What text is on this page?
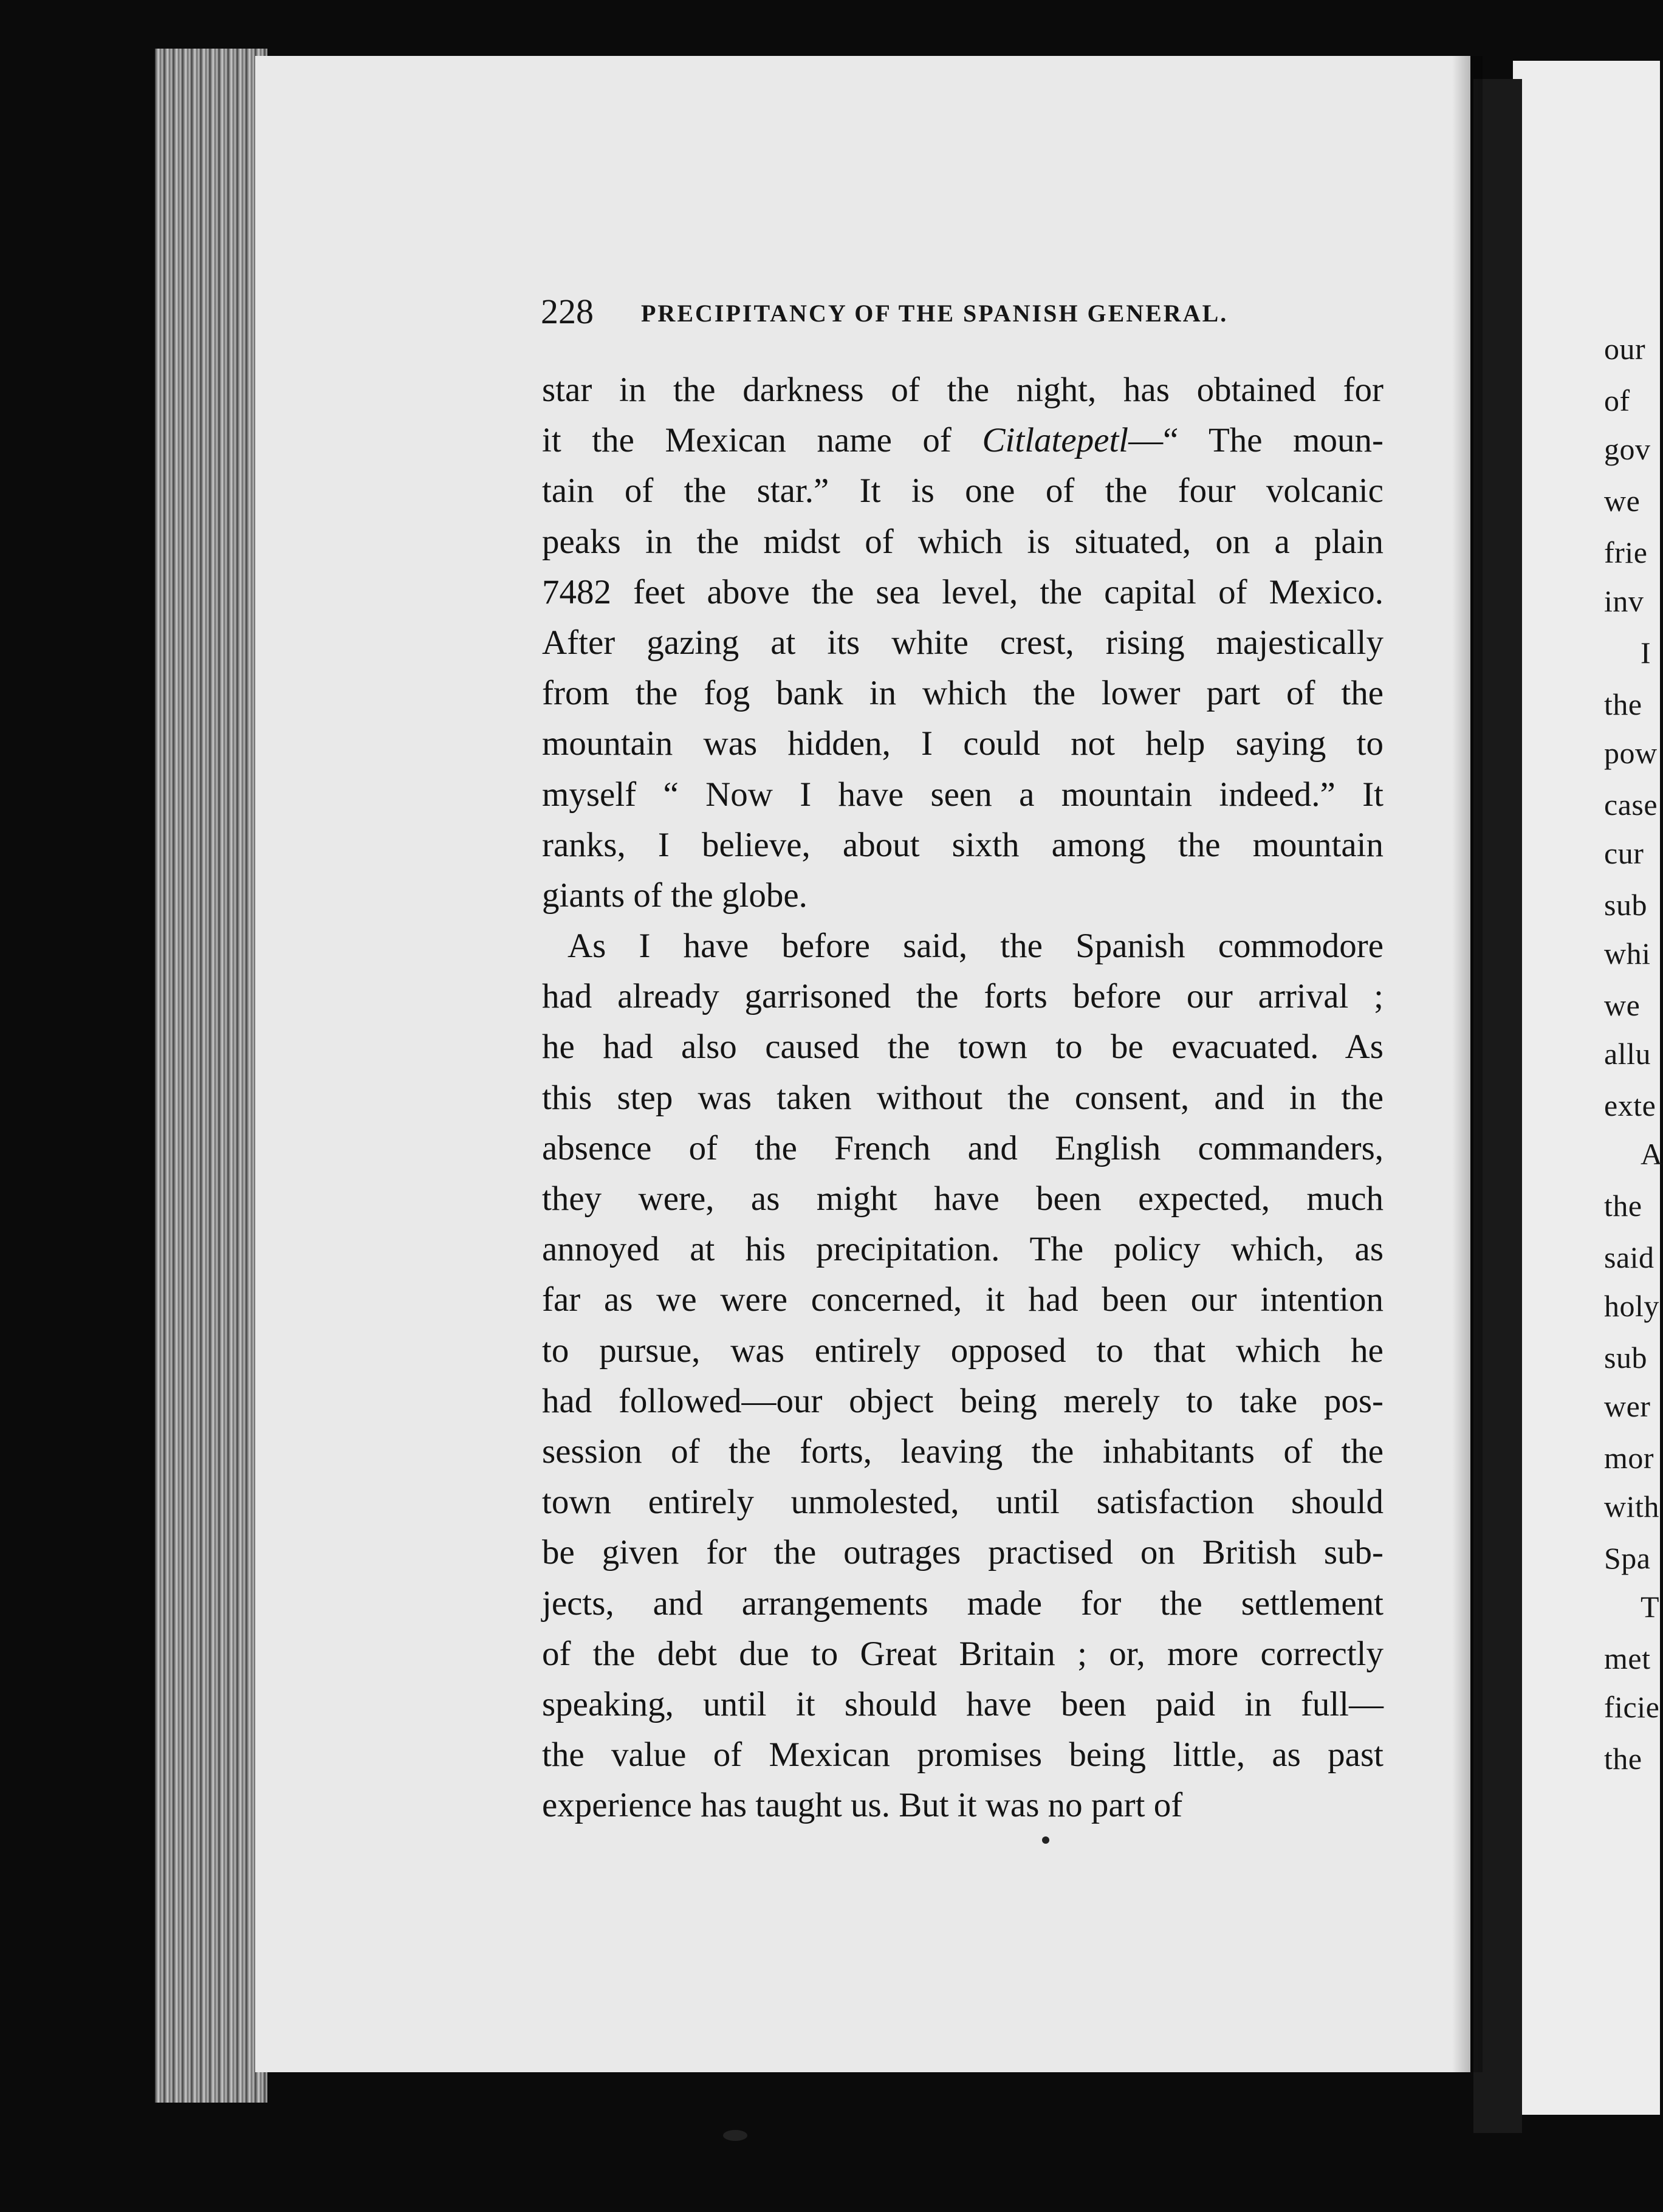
our
of
gov
we
frie
inv
I
the
pow
case
cur
sub
whi
we
allu
exte
A
the
said
holy
sub
wer
mor
with
Spa
T
met
ficie
the
228 PRECIPITANCY OF THE SPANISH GENERAL.
star in the darkness of the night, has obtained for
it the Mexican name of Citlatepetl—“ The moun-
tain of the star.” It is one of the four volcanic
peaks in the midst of which is situated, on a plain
7482 feet above the sea level, the capital of Mexico.
After gazing at its white crest, rising majestically
from the fog bank in which the lower part of the
mountain was hidden, I could not help saying to
myself “ Now I have seen a mountain indeed.” It
ranks, I believe, about sixth among the mountain
giants of the globe.
As I have before said, the Spanish commodore
had already garrisoned the forts before our arrival ;
he had also caused the town to be evacuated. As
this step was taken without the consent, and in the
absence of the French and English commanders,
they were, as might have been expected, much
annoyed at his precipitation. The policy which, as
far as we were concerned, it had been our intention
to pursue, was entirely opposed to that which he
had followed—our object being merely to take pos-
session of the forts, leaving the inhabitants of the
town entirely unmolested, until satisfaction should
be given for the outrages practised on British sub-
jects, and arrangements made for the settlement
of the debt due to Great Britain ; or, more correctly
speaking, until it should have been paid in full—
the value of Mexican promises being little, as past
experience has taught us. But it was no part of
